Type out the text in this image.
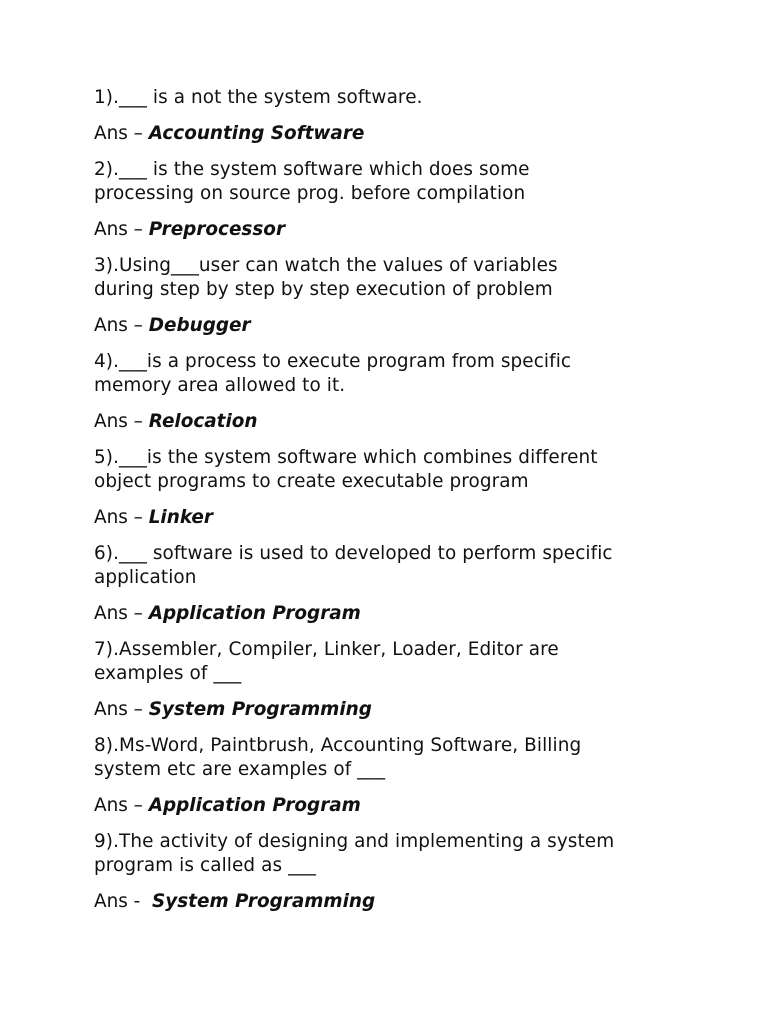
1).___ is a not the system software.

Ans – Accounting Software

2).___ is the system software which does some
processing on source prog. before compilation

Ans – Preprocessor

3).Using___user can watch the values of variables
during step by step by step execution of problem

Ans – Debugger

4).___is a process to execute program from specific
memory area allowed to it.

Ans – Relocation

5).___is the system software which combines different
object programs to create executable program

Ans – Linker

6).___ software is used to developed to perform specific
application

Ans – Application Program

7).Assembler, Compiler, Linker, Loader, Editor are
examples of ___

Ans – System Programming

8).Ms-Word, Paintbrush, Accounting Software, Billing
system etc are examples of ___

Ans – Application Program

9).The activity of designing and implementing a system
program is called as ___

Ans -  System Programming
